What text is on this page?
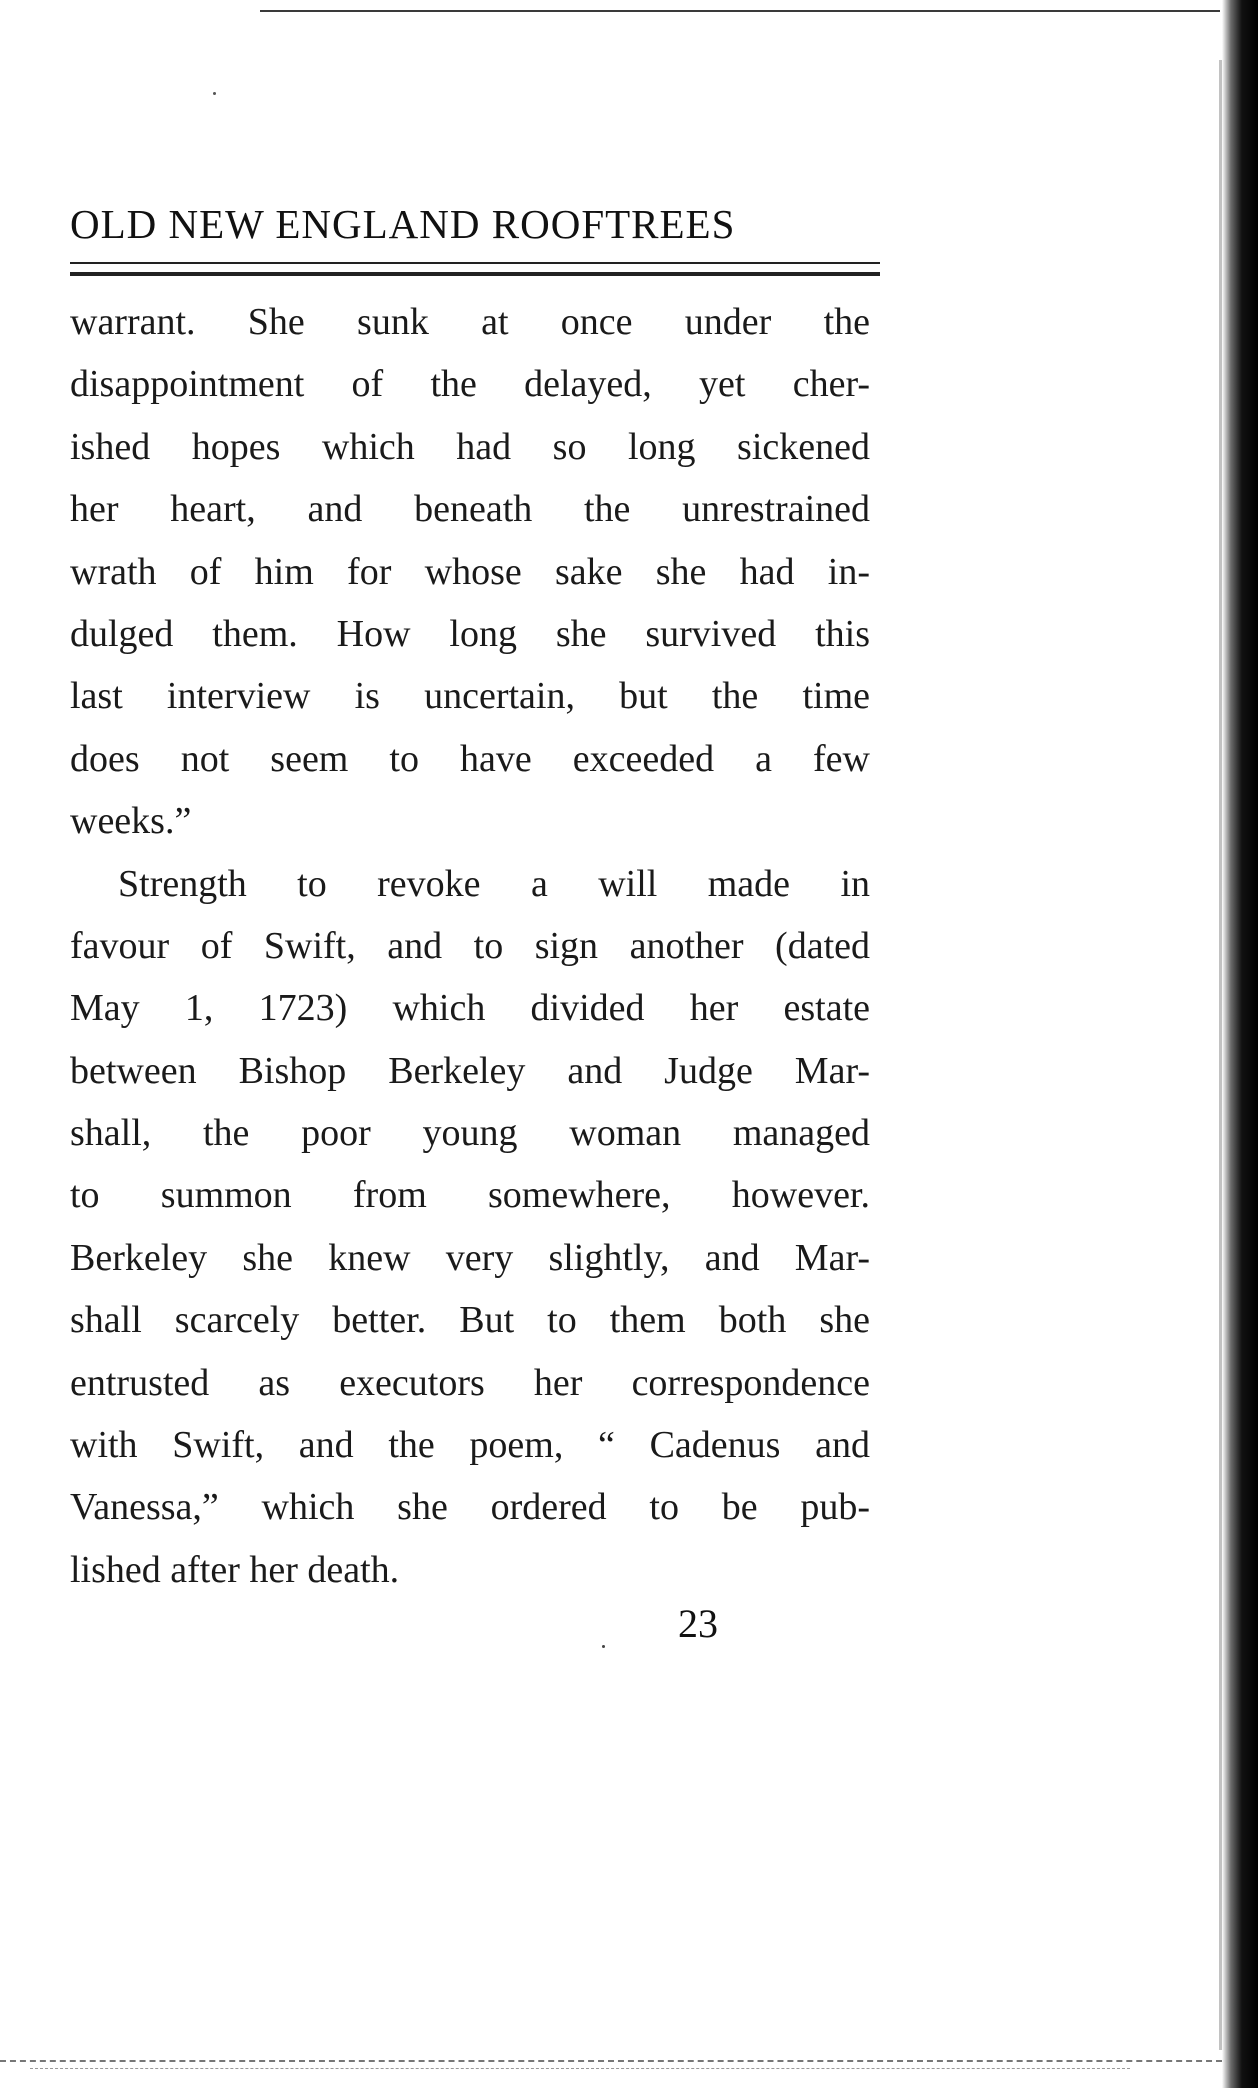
OLD NEW ENGLAND ROOFTREES
warrant. She sunk at once under the
disappointment of the delayed, yet cher-
ished hopes which had so long sickened
her heart, and beneath the unrestrained
wrath of him for whose sake she had in-
dulged them. How long she survived this
last interview is uncertain, but the time
does not seem to have exceeded a few
weeks.”
Strength to revoke a will made in
favour of Swift, and to sign another (dated
May 1, 1723) which divided her estate
between Bishop Berkeley and Judge Mar-
shall, the poor young woman managed
to summon from somewhere, however.
Berkeley she knew very slightly, and Mar-
shall scarcely better. But to them both she
entrusted as executors her correspondence
with Swift, and the poem, “ Cadenus and
Vanessa,” which she ordered to be pub-
lished after her death.
23
